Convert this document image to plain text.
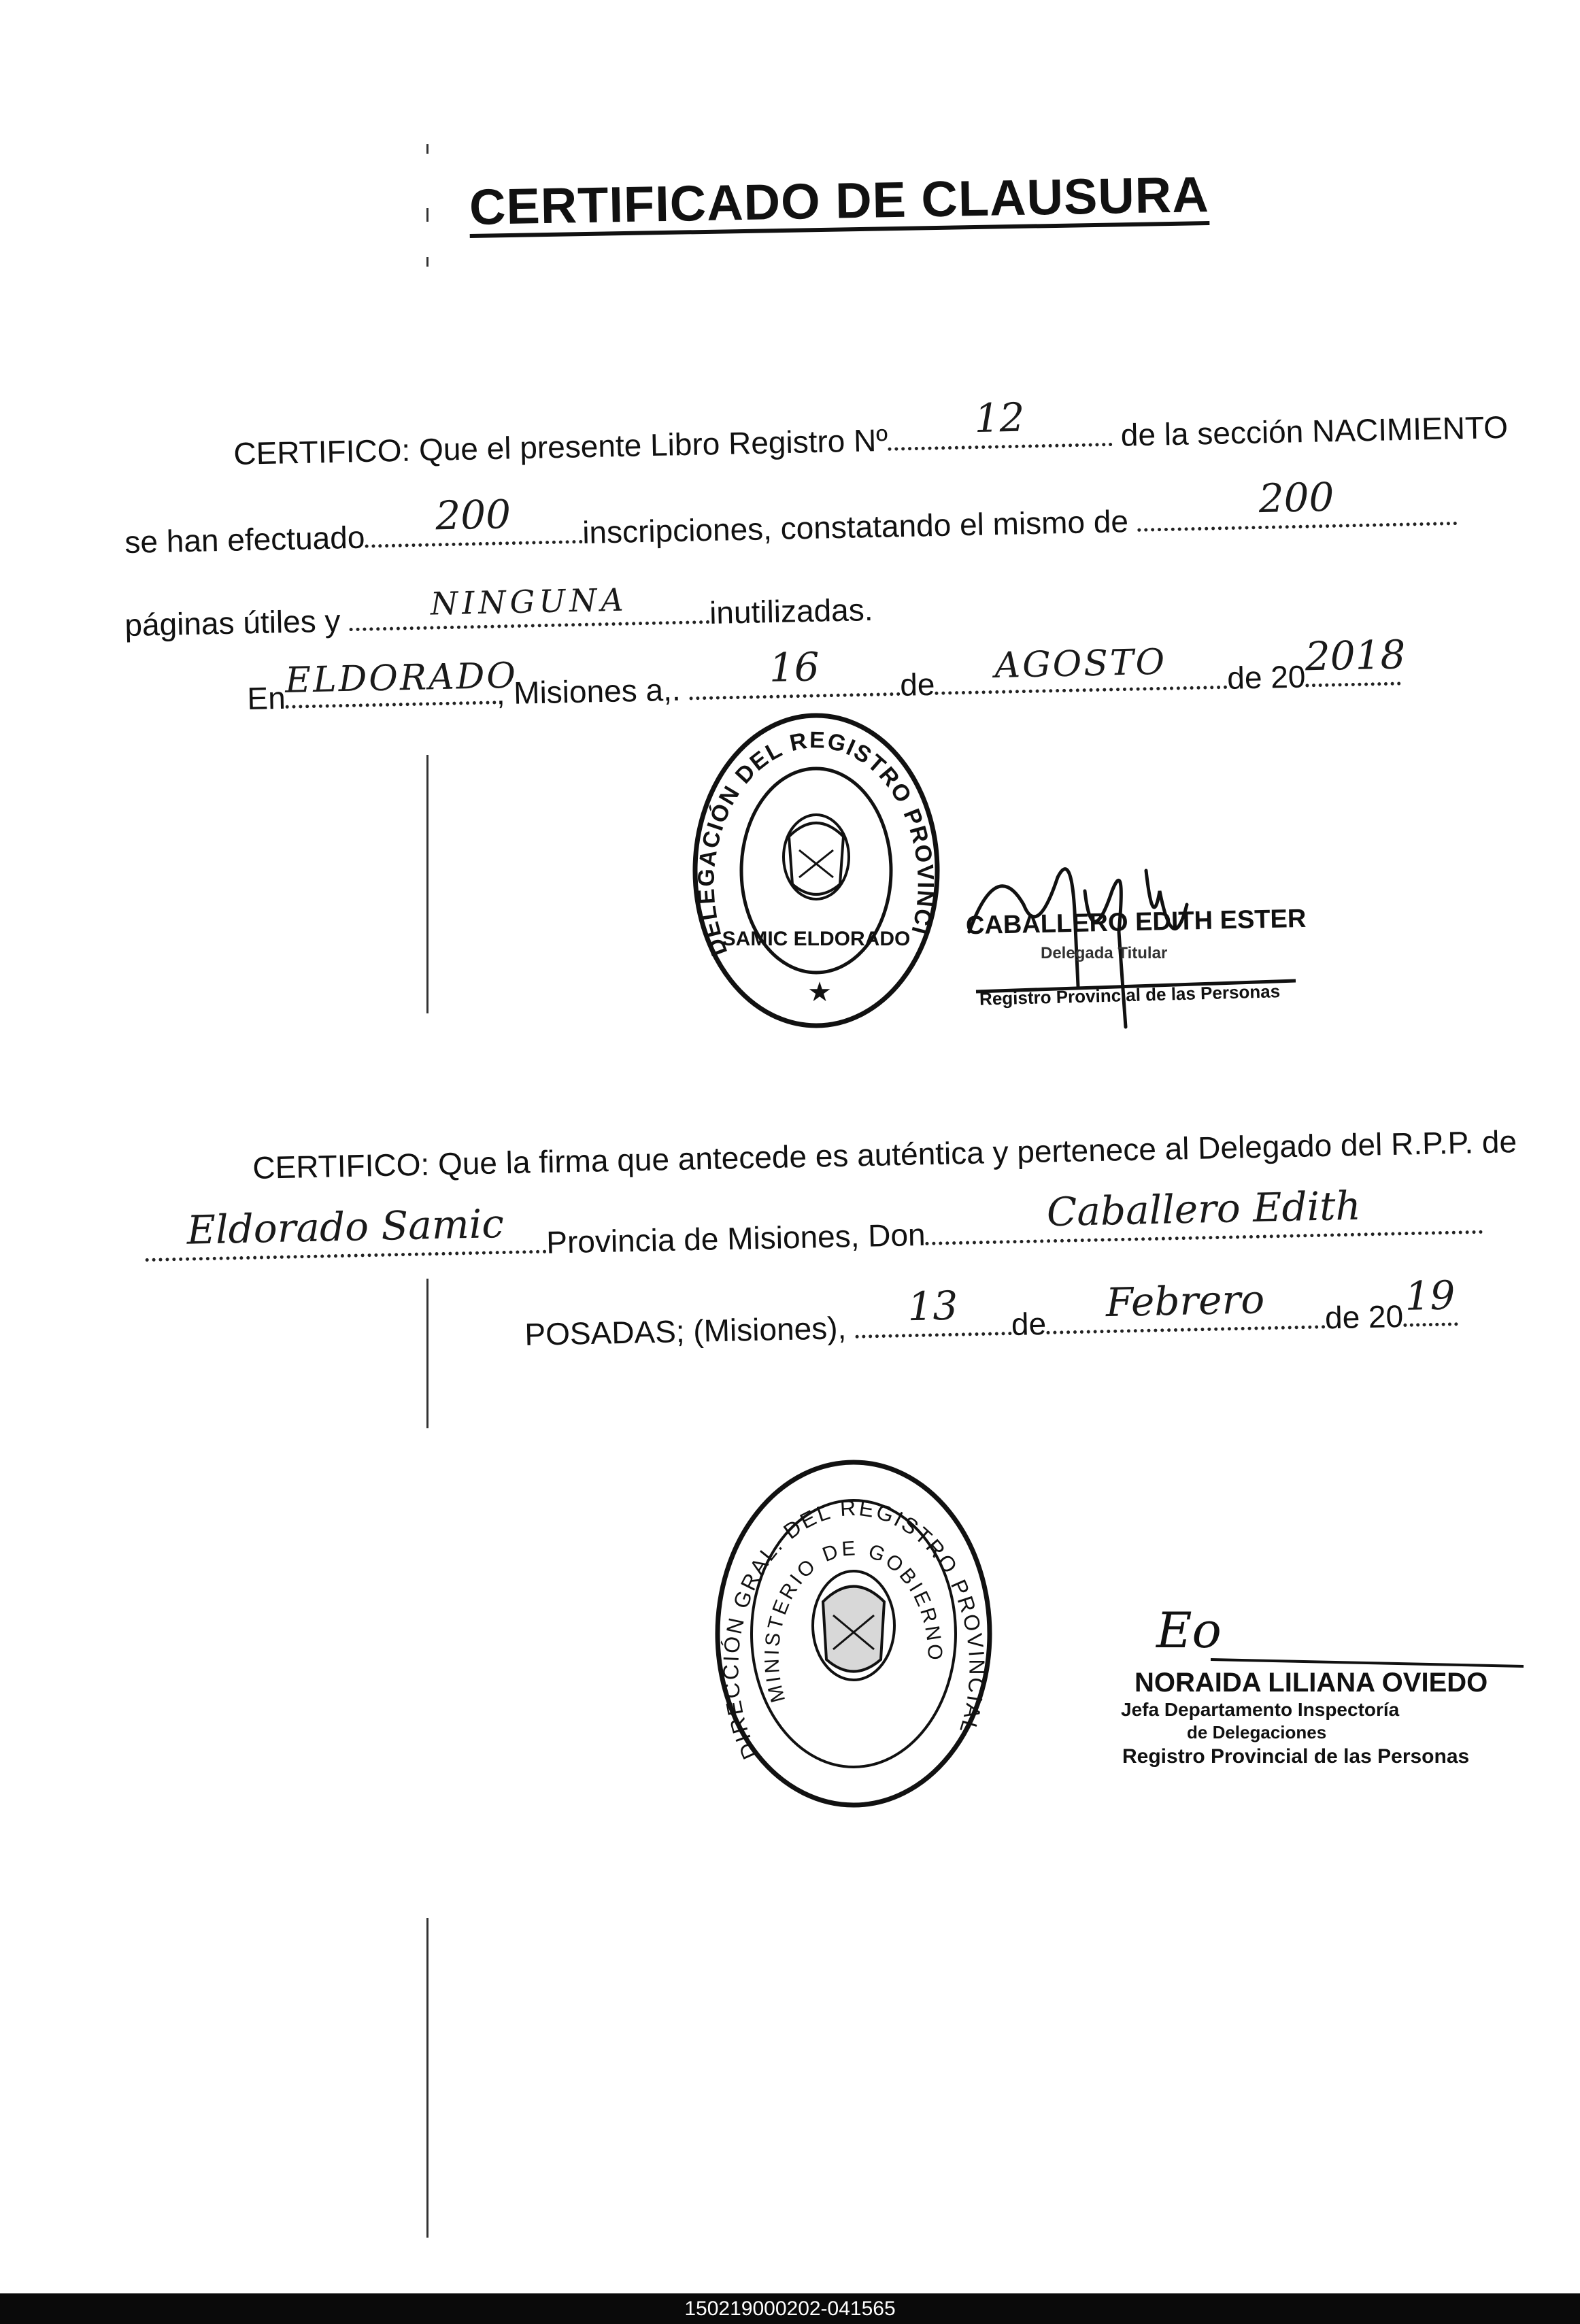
CERTIFICADO DE CLAUSURA
CERTIFICO: Que el presente Libro Registro Nº
12	de la sección NACIMIENTO
se han efectuado
200	inscripciones, constatando el mismo de
200
páginas útiles y
NINGUNA	inutilizadas.
En
ELDORADO
, Misiones a,.
16	de	AGOSTO	de 20
2018
DELEGACIÓN DEL REGISTRO PROVINCI
SAMIC ELDORADO
★
CABALLERO EDITH ESTER
Delegada Titular
Registro Provincial de las Personas
CERTIFICO: Que la firma que antecede es auténtica y pertenece al Delegado del R.P.P. de
Eldorado Samic	Provincia de Misiones, Don
Caballero Edith
POSADAS; (Misiones),
13	de	Febrero	de 20 19
DIRECCIÓN GRAL. DEL REGISTRO PROVINCIAL
MINISTERIO DE GOBIERNO	Eo
NORAIDA LILIANA OVIEDO
Jefa Departamento Inspectoría
de Delegaciones
Registro Provincial de las Personas
150219000202-041565
